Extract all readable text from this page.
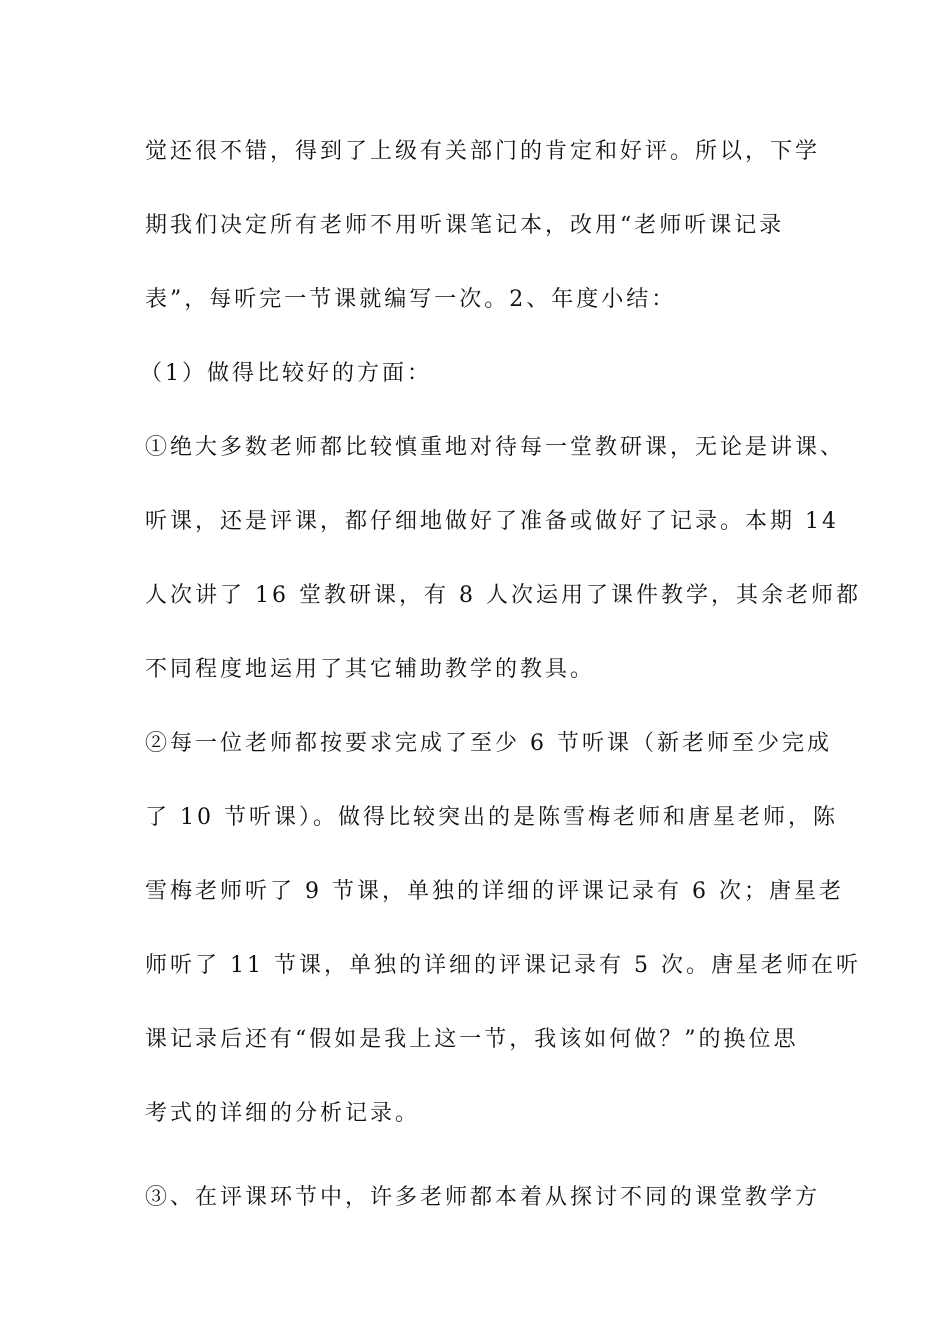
觉还很不错，得到了上级有关部门的肯定和好评。所以，下学
期我们决定所有老师不用听课笔记本，改用“老师听课记录
表”，每听完一节课就编写一次。2、年度小结：
（1）做得比较好的方面：
①绝大多数老师都比较慎重地对待每一堂教研课，无论是讲课、
听课，还是评课，都仔细地做好了准备或做好了记录。本期 14
人次讲了 16 堂教研课，有 8 人次运用了课件教学，其余老师都
不同程度地运用了其它辅助教学的教具。
②每一位老师都按要求完成了至少 6 节听课（新老师至少完成
了 10 节听课）。做得比较突出的是陈雪梅老师和唐星老师，陈
雪梅老师听了 9 节课，单独的详细的评课记录有 6 次；唐星老
师听了 11 节课，单独的详细的评课记录有 5 次。唐星老师在听
课记录后还有“假如是我上这一节，我该如何做？”的换位思
考式的详细的分析记录。
③、在评课环节中，许多老师都本着从探讨不同的课堂教学方
